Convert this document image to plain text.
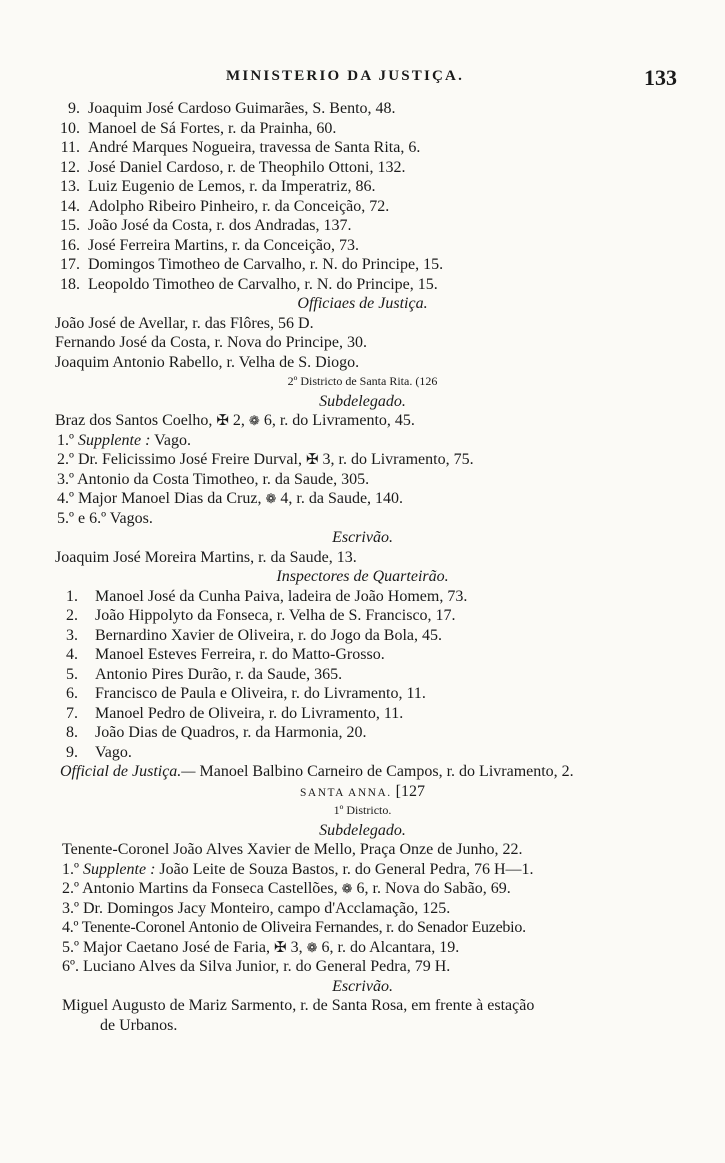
MINISTERIO DA JUSTIÇA.	133
9. Joaquim José Cardoso Guimarães, S. Bento, 48.
10. Manoel de Sá Fortes, r. da Prainha, 60.
11. André Marques Nogueira, travessa de Santa Rita, 6.
12. José Daniel Cardoso, r. de Theophilo Ottoni, 132.
13. Luiz Eugenio de Lemos, r. da Imperatriz, 86.
14. Adolpho Ribeiro Pinheiro, r. da Conceição, 72.
15. João José da Costa, r. dos Andradas, 137.
16. José Ferreira Martins, r. da Conceição, 73.
17. Domingos Timotheo de Carvalho, r. N. do Principe, 15.
18. Leopoldo Timotheo de Carvalho, r. N. do Principe, 15.
Officiaes de Justiça.
João José de Avellar, r. das Flôres, 56 D.
Fernando José da Costa, r. Nova do Principe, 30.
Joaquim Antonio Rabello, r. Velha de S. Diogo.
2º Districto de Santa Rita. (126
Subdelegado.
Braz dos Santos Coelho, ✠ 2, ❁ 6, r. do Livramento, 45.
1.º Supplente : Vago.
2.º Dr. Felicissimo José Freire Durval, ✠ 3, r. do Livramento, 75.
3.º Antonio da Costa Timotheo, r. da Saude, 305.
4.º Major Manoel Dias da Cruz, ❁ 4, r. da Saude, 140.
5.º e 6.º Vagos.
Escrivão.
Joaquim José Moreira Martins, r. da Saude, 13.
Inspectores de Quarteirão.
1. Manoel José da Cunha Paiva, ladeira de João Homem, 73.
2. João Hippolyto da Fonseca, r. Velha de S. Francisco, 17.
3. Bernardino Xavier de Oliveira, r. do Jogo da Bola, 45.
4. Manoel Esteves Ferreira, r. do Matto-Grosso.
5. Antonio Pires Durão, r. da Saude, 365.
6. Francisco de Paula e Oliveira, r. do Livramento, 11.
7. Manoel Pedro de Oliveira, r. do Livramento, 11.
8. João Dias de Quadros, r. da Harmonia, 20.
9. Vago.
Official de Justiça.— Manoel Balbino Carneiro de Campos, r. do Livramento, 2.
SANTA ANNA. [127
1º Districto.
Subdelegado.
Tenente-Coronel João Alves Xavier de Mello, Praça Onze de Junho, 22.
1.º Supplente : João Leite de Souza Bastos, r. do General Pedra, 76 H—1.
2.º Antonio Martins da Fonseca Castellões, ❁ 6, r. Nova do Sabão, 69.
3.º Dr. Domingos Jacy Monteiro, campo d'Acclamação, 125.
4.º Tenente-Coronel Antonio de Oliveira Fernandes, r. do Senador Euzebio.
5.º Major Caetano José de Faria, ✠ 3, ❁ 6, r. do Alcantara, 19.
6º. Luciano Alves da Silva Junior, r. do General Pedra, 79 H.
Escrivão.
Miguel Augusto de Mariz Sarmento, r. de Santa Rosa, em frente à estação
de Urbanos.
